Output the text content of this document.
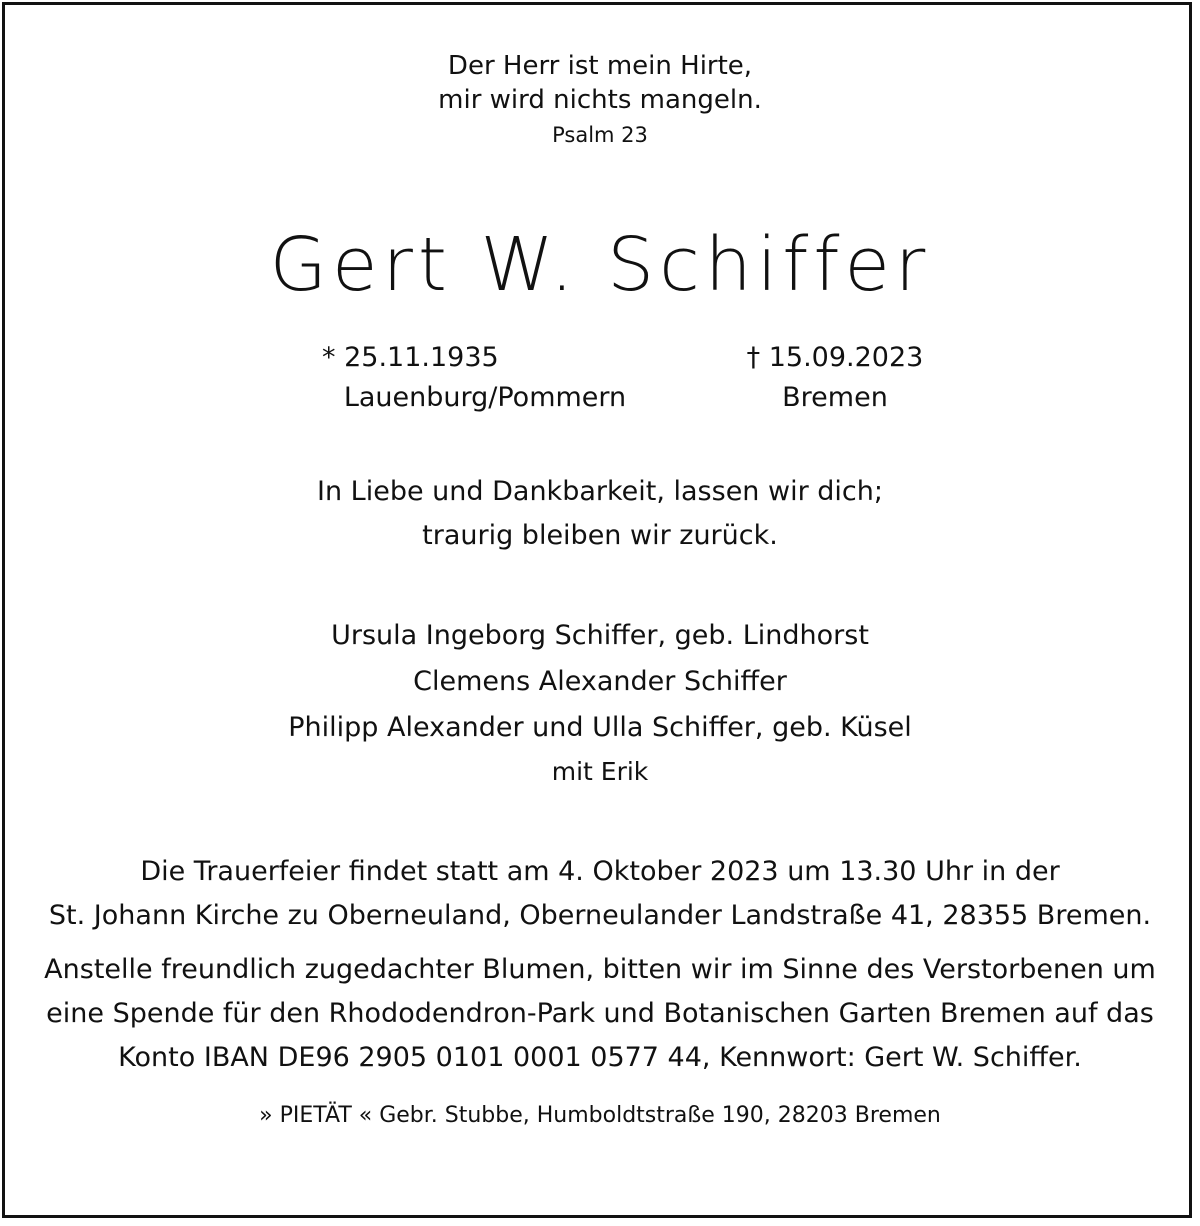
Der Herr ist mein Hirte,
mir wird nichts mangeln.
Psalm 23
Gert W. Schiffer
* 25.11.1935
Lauenburg/Pommern
† 15.09.2023
Bremen
In Liebe und Dankbarkeit, lassen wir dich;
traurig bleiben wir zurück.
Ursula Ingeborg Schiffer, geb. Lindhorst
Clemens Alexander Schiffer
Philipp Alexander und Ulla Schiffer, geb. Küsel
mit Erik
Die Trauerfeier findet statt am 4. Oktober 2023 um 13.30 Uhr in der
St. Johann Kirche zu Oberneuland, Oberneulander Landstraße 41, 28355 Bremen.
Anstelle freundlich zugedachter Blumen, bitten wir im Sinne des Verstorbenen um
eine Spende für den Rhododendron-Park und Botanischen Garten Bremen auf das
Konto IBAN DE96 2905 0101 0001 0577 44, Kennwort: Gert W. Schiffer.
» PIETÄT « Gebr. Stubbe, Humboldtstraße 190, 28203 Bremen
